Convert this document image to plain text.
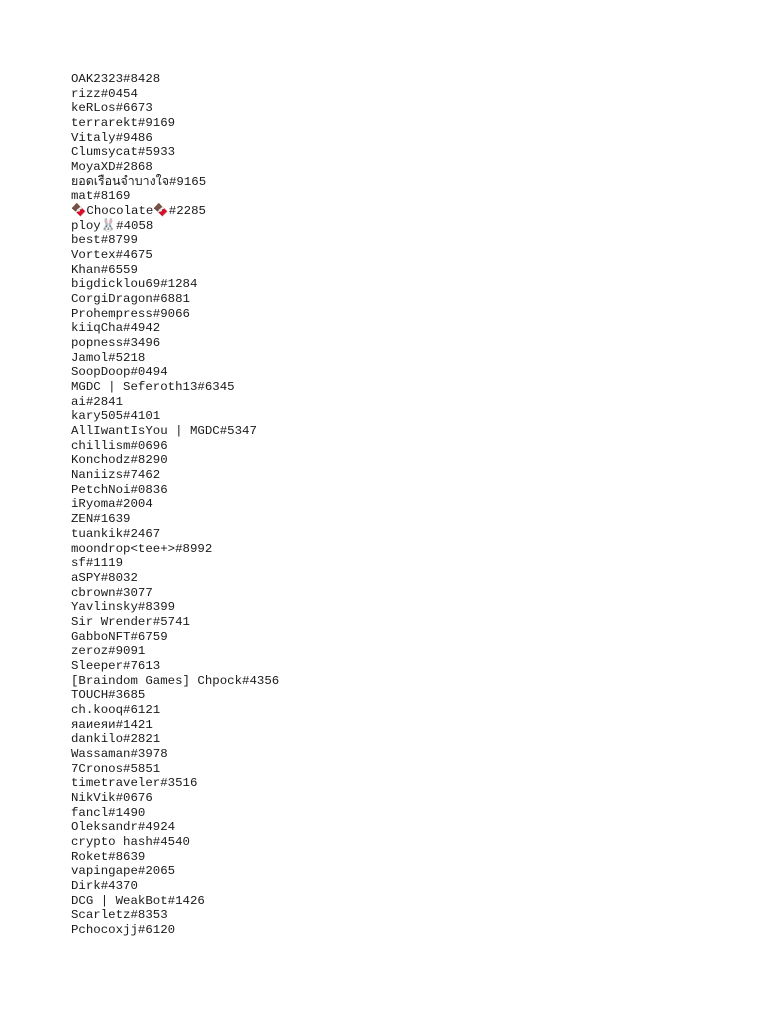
OAK2323#8428
rizz#0454
keRLos#6673
terrarekt#9169
Vitaly#9486
Clumsycat#5933
MoyaXD#2868
ยอดเรือนจำบางใจ#9165
mat#8169
🍫Chocolate🍫#2285
ploy🐰#4058
best#8799
Vortex#4675
Khan#6559
bigdicklou69#1284
CorgiDragon#6881
Prohempress#9066
kiiqCha#4942
popness#3496
Jamol#5218
SoopDoop#0494
MGDC | Seferoth13#6345
ai#2841
kary505#4101
AllIwantIsYou | MGDC#5347
chillism#0696
Konchodz#8290
Naniizs#7462
PetchNoi#0836
iRyoma#2004
ZEN#1639
tuankik#2467
moondrop<tee+>#8992
sf#1119
aSPY#8032
cbrown#3077
Yavlinsky#8399
Sir Wrender#5741
GabboNFT#6759
zeroz#9091
Sleeper#7613
[Braindom Games] Chpock#4356
TOUCH#3685
ch.kooq#6121
яаиеяи#1421
dankilo#2821
Wassaman#3978
7Cronos#5851
timetraveler#3516
NikVik#0676
fancl#1490
Oleksandr#4924
crypto hash#4540
Roket#8639
vapingape#2065
Dirk#4370
DCG | WeakBot#1426
Scarletz#8353
Pchocoxjj#6120
